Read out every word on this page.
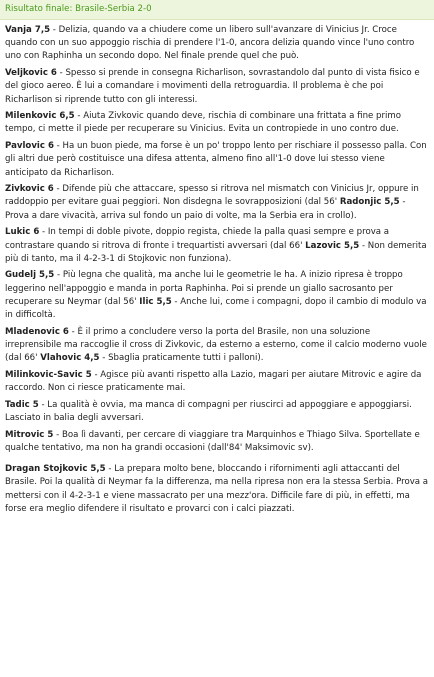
Risultato finale: Brasile-Serbia 2-0

Vanja 7,5 - Delizia, quando va a chiudere come un libero sull'avanzare di Vinicius Jr. Croce quando con un suo appoggio rischia di prendere l'1-0, ancora delizia quando vince l'uno contro uno con Raphinha un secondo dopo. Nel finale prende quel che può.

Veljkovic 6 - Spesso si prende in consegna Richarlison, sovrastandolo dal punto di vista fisico e del gioco aereo. È lui a comandare i movimenti della retroguardia. Il problema è che poi Richarlison si riprende tutto con gli interessi.

Milenkovic 6,5 - Aiuta Zivkovic quando deve, rischia di combinare una frittata a fine primo tempo, ci mette il piede per recuperare su Vinicius. Evita un contropiede in uno contro due.

Pavlovic 6 - Ha un buon piede, ma forse è un po' troppo lento per rischiare il possesso palla. Con gli altri due però costituisce una difesa attenta, almeno fino all'1-0 dove lui stesso viene anticipato da Richarlison.

Zivkovic 6 - Difende più che attaccare, spesso si ritrova nel mismatch con Vinicius Jr, oppure in raddoppio per evitare guai peggiori. Non disdegna le sovrapposizioni (dal 56' Radonjic 5,5 - Prova a dare vivacità, arriva sul fondo un paio di volte, ma la Serbia era in crollo).

Lukic 6 - In tempi di doble pivote, doppio regista, chiede la palla quasi sempre e prova a contrastare quando si ritrova di fronte i trequartisti avversari (dal 66' Lazovic 5,5 - Non demerita più di tanto, ma il 4-2-3-1 di Stojkovic non funziona).

Gudelj 5,5 - Più legna che qualità, ma anche lui le geometrie le ha. A inizio ripresa è troppo leggerino nell'appoggio e manda in porta Raphinha. Poi si prende un giallo sacrosanto per recuperare su Neymar (dal 56' Ilic 5,5 - Anche lui, come i compagni, dopo il cambio di modulo va in difficoltà.

Mladenovic 6 - È il primo a concludere verso la porta del Brasile, non una soluzione irreprensibile ma raccoglie il cross di Zivkovic, da esterno a esterno, come il calcio moderno vuole (dal 66' Vlahovic 4,5 - Sbaglia praticamente tutti i palloni).

Milinkovic-Savic 5 - Agisce più avanti rispetto alla Lazio, magari per aiutare Mitrovic e agire da raccordo. Non ci riesce praticamente mai.

Tadic 5 - La qualità è ovvia, ma manca di compagni per riuscirci ad appoggiare e appoggiarsi. Lasciato in balia degli avversari.

Mitrovic 5 - Boa lì davanti, per cercare di viaggiare tra Marquinhos e Thiago Silva. Sportellate e qualche tentativo, ma non ha grandi occasioni (dall'84' Maksimovic sv).

Dragan Stojkovic 5,5 - La prepara molto bene, bloccando i rifornimenti agli attaccanti del Brasile. Poi la qualità di Neymar fa la differenza, ma nella ripresa non era la stessa Serbia. Prova a mettersi con il 4-2-3-1 e viene massacrato per una mezz'ora. Difficile fare di più, in effetti, ma forse era meglio difendere il risultato e provarci con i calci piazzati.
